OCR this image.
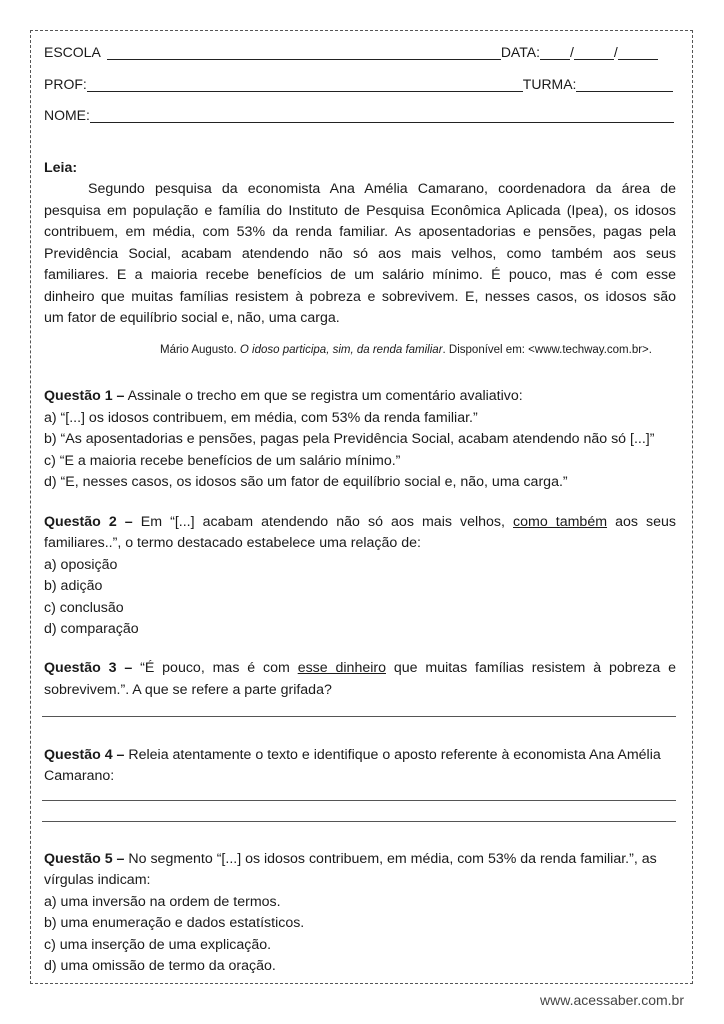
ESCOLA	DATA: /	/
PROF:	TURMA:
NOME:
Leia:
Segundo pesquisa da economista Ana Amélia Camarano, coordenadora da área de
pesquisa em população e família do Instituto de Pesquisa Econômica Aplicada (Ipea), os idosos
contribuem, em média, com 53% da renda familiar. As aposentadorias e pensões, pagas pela
Previdência Social, acabam atendendo não só aos mais velhos, como também aos seus
familiares. E a maioria recebe benefícios de um salário mínimo. É pouco, mas é com esse
dinheiro que muitas famílias resistem à pobreza e sobrevivem. E, nesses casos, os idosos são
um fator de equilíbrio social e, não, uma carga.
Mário Augusto. O idoso participa, sim, da renda familiar. Disponível em: <www.techway.com.br>.
Questão 1 – Assinale o trecho em que se registra um comentário avaliativo:
a) “[...] os idosos contribuem, em média, com 53% da renda familiar.”
b) “As aposentadorias e pensões, pagas pela Previdência Social, acabam atendendo não só [...]”
c) “E a maioria recebe benefícios de um salário mínimo.”
d) “E, nesses casos, os idosos são um fator de equilíbrio social e, não, uma carga.”
Questão 2 – Em “[...] acabam atendendo não só aos mais velhos, como também aos seus
familiares..”, o termo destacado estabelece uma relação de:
a) oposição
b) adição
c) conclusão
d) comparação
Questão 3 – “É pouco, mas é com esse dinheiro que muitas famílias resistem à pobreza e
sobrevivem.”. A que se refere a parte grifada?
Questão 4 – Releia atentamente o texto e identifique o aposto referente à economista Ana Amélia
Camarano:
Questão 5 – No segmento “[...] os idosos contribuem, em média, com 53% da renda familiar.”, as
vírgulas indicam:
a) uma inversão na ordem de termos.
b) uma enumeração e dados estatísticos.
c) uma inserção de uma explicação.
d) uma omissão de termo da oração.
www.acessaber.com.br
